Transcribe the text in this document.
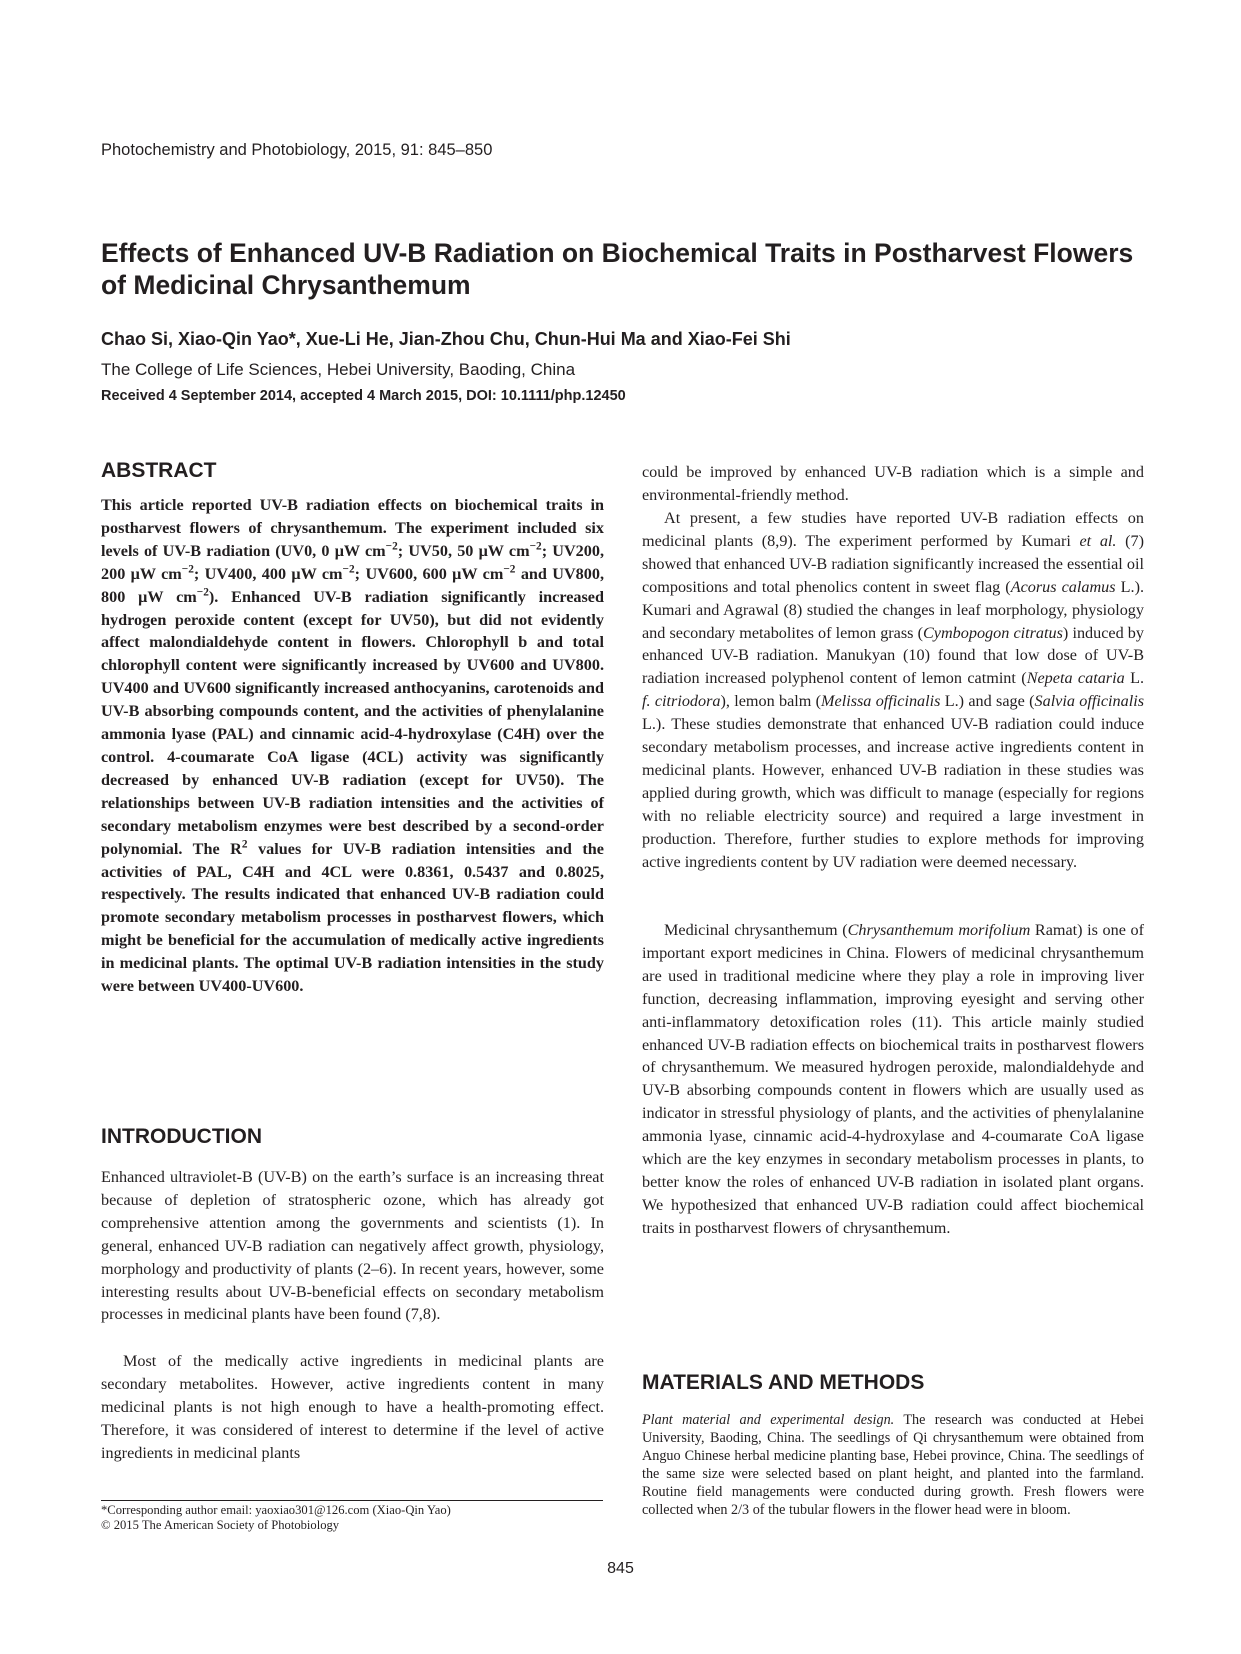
Photochemistry and Photobiology, 2015, 91: 845–850
Effects of Enhanced UV-B Radiation on Biochemical Traits in Postharvest Flowers of Medicinal Chrysanthemum
Chao Si, Xiao-Qin Yao*, Xue-Li He, Jian-Zhou Chu, Chun-Hui Ma and Xiao-Fei Shi
The College of Life Sciences, Hebei University, Baoding, China
Received 4 September 2014, accepted 4 March 2015, DOI: 10.1111/php.12450
ABSTRACT

This article reported UV-B radiation effects on biochemical traits in postharvest flowers of chrysanthemum. The experiment included six levels of UV-B radiation (UV0, 0 μW $cm^{-2}$; UV50, 50 μW $cm^{-2}$; UV200, 200 μW $cm^{-2}$; UV400, 400 μW $cm^{-2}$; UV600, 600 μW $cm^{-2}$ and UV800, 800 μW $cm^{-2}$). Enhanced UV-B radiation significantly increased hydrogen peroxide content (except for UV50), but did not evidently affect malondialdehyde content in flowers. Chlorophyll b and total chlorophyll content were significantly increased by UV600 and UV800. UV400 and UV600 significantly increased anthocyanins, carotenoids and UV-B absorbing compounds content, and the activities of phenylalanine ammonia lyase (PAL) and cinnamic acid-4-hydroxylase (C4H) over the control. 4-coumarate CoA ligase (4CL) activity was significantly decreased by enhanced UV-B radiation (except for UV50). The relationships between UV-B radiation intensities and the activities of secondary metabolism enzymes were best described by a second-order polynomial. The $R^2$ values for UV-B radiation intensities and the activities of PAL, C4H and 4CL were 0.8361, 0.5437 and 0.8025, respectively. The results indicated that enhanced UV-B radiation could promote secondary metabolism processes in postharvest flowers, which might be beneficial for the accumulation of medically active ingredients in medicinal plants. The optimal UV-B radiation intensities in the study were between UV400-UV600.

INTRODUCTION

Enhanced ultraviolet-B (UV-B) on the earth’s surface is an increasing threat because of depletion of stratospheric ozone, which has already got comprehensive attention among the governments and scientists (1). In general, enhanced UV-B radiation can negatively affect growth, physiology, morphology and productivity of plants (2–6). In recent years, however, some interesting results about UV-B-beneficial effects on secondary metabolism processes in medicinal plants have been found (7,8).

Most of the medically active ingredients in medicinal plants are secondary metabolites. However, active ingredients content in many medicinal plants is not high enough to have a health-promoting effect. Therefore, it was considered of interest to determine if the level of active ingredients in medicinal plants

could be improved by enhanced UV-B radiation which is a simple and environmental-friendly method.

At present, a few studies have reported UV-B radiation effects on medicinal plants (8,9). The experiment performed by Kumari et al. (7) showed that enhanced UV-B radiation significantly increased the essential oil compositions and total phenolics content in sweet flag (Acorus calamus L.). Kumari and Agrawal (8) studied the changes in leaf morphology, physiology and secondary metabolites of lemon grass (Cymbopogon citratus) induced by enhanced UV-B radiation. Manukyan (10) found that low dose of UV-B radiation increased polyphenol content of lemon catmint (Nepeta cataria L. f. citriodora), lemon balm (Melissa officinalis L.) and sage (Salvia officinalis L.). These studies demonstrate that enhanced UV-B radiation could induce secondary metabolism processes, and increase active ingredients content in medicinal plants. However, enhanced UV-B radiation in these studies was applied during growth, which was difficult to manage (especially for regions with no reliable electricity source) and required a large investment in production. Therefore, further studies to explore methods for improving active ingredients content by UV radiation were deemed necessary.

Medicinal chrysanthemum (Chrysanthemum morifolium Ramat) is one of important export medicines in China. Flowers of medicinal chrysanthemum are used in traditional medicine where they play a role in improving liver function, decreasing inflammation, improving eyesight and serving other anti-inflammatory detoxification roles (11). This article mainly studied enhanced UV-B radiation effects on biochemical traits in postharvest flowers of chrysanthemum. We measured hydrogen peroxide, malondialdehyde and UV-B absorbing compounds content in flowers which are usually used as indicator in stressful physiology of plants, and the activities of phenylalanine ammonia lyase, cinnamic acid-4-hydroxylase and 4-coumarate CoA ligase which are the key enzymes in secondary metabolism processes in plants, to better know the roles of enhanced UV-B radiation in isolated plant organs. We hypothesized that enhanced UV-B radiation could affect biochemical traits in postharvest flowers of chrysanthemum.

MATERIALS AND METHODS

Plant material and experimental design. The research was conducted at Hebei University, Baoding, China. The seedlings of Qi chrysanthemum were obtained from Anguo Chinese herbal medicine planting base, Hebei province, China. The seedlings of the same size were selected based on plant height, and planted into the farmland. Routine field managements were conducted during growth. Fresh flowers were collected when 2/3 of the tubular flowers in the flower head were in bloom.

*Corresponding author email: yaoxiao301@126.com (Xiao-Qin Yao)
© 2015 The American Society of Photobiology
845
